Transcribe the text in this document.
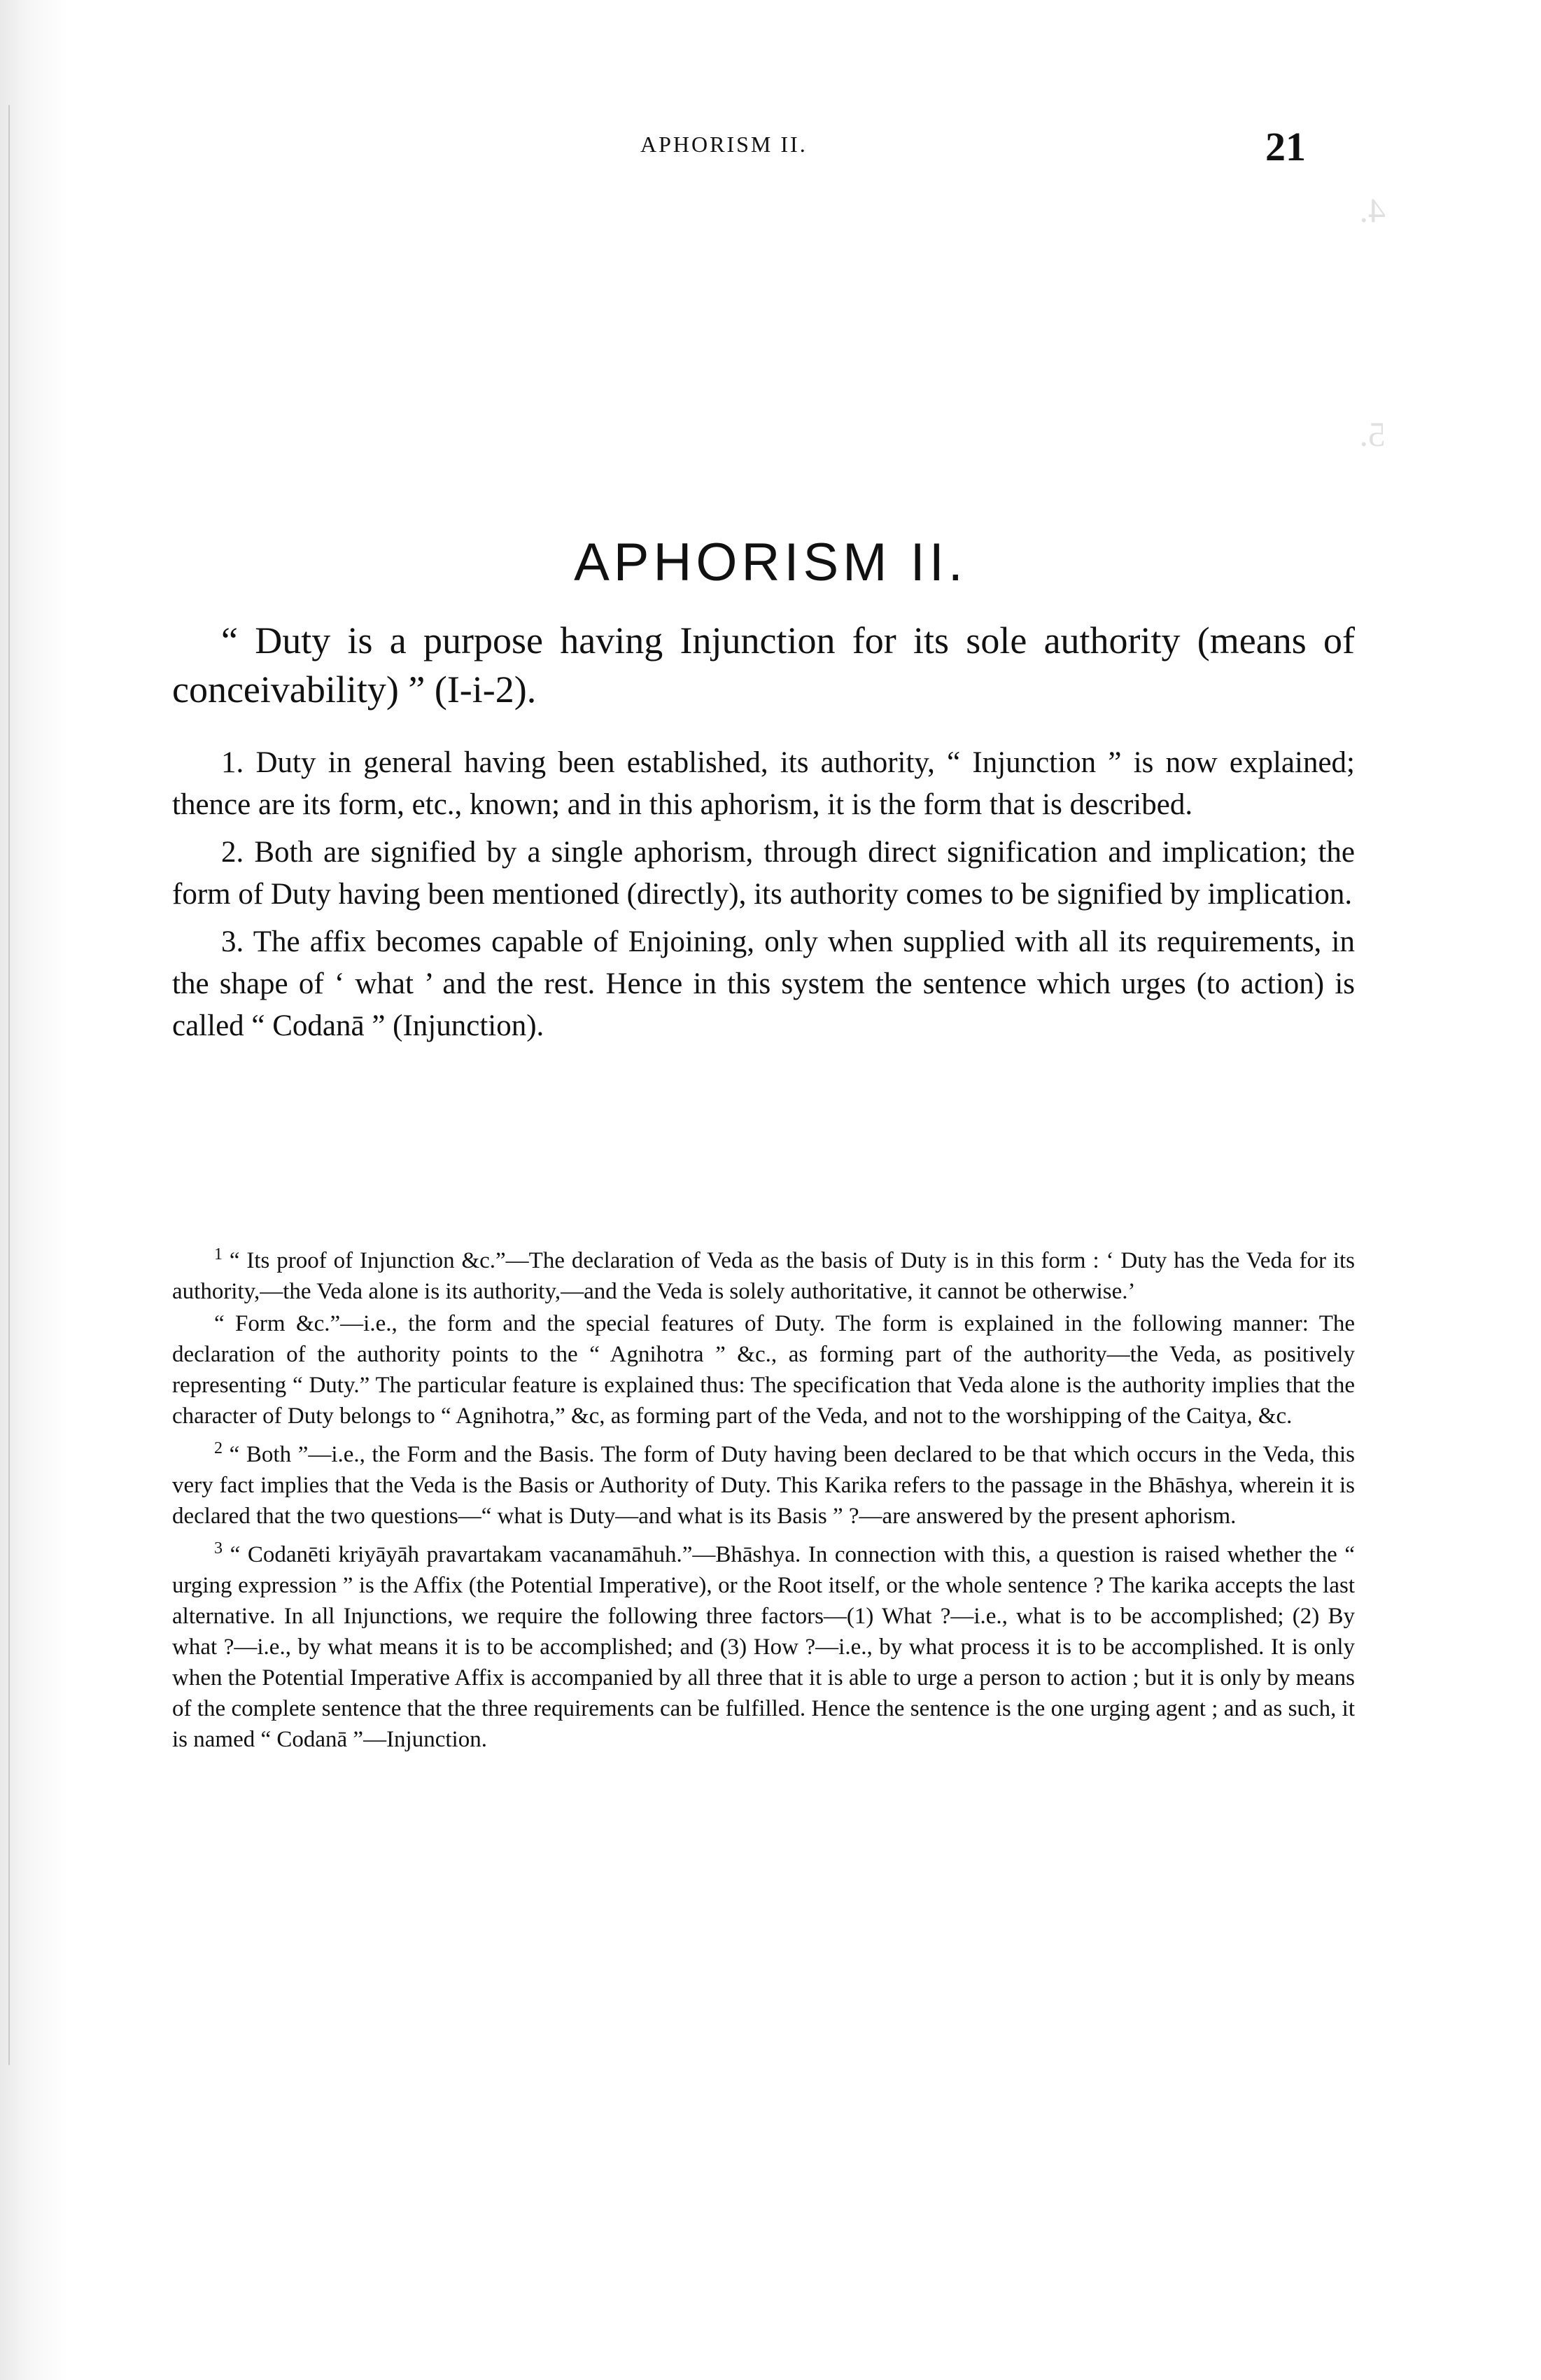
4.

5.
APHORISM II.	21
APHORISM II.
“ Duty is a purpose having Injunction for its sole authority (means of conceivability) ” (I-i-2).

1. Duty in general having been established, its authority, “ Injunction ” is now explained; thence are its form, etc., known; and in this aphorism, it is the form that is described.

2. Both are signified by a single aphorism, through direct signification and implication; the form of Duty having been mentioned (directly), its authority comes to be signified by implication.

3. The affix becomes capable of Enjoining, only when supplied with all its requirements, in the shape of ‘ what ’ and the rest. Hence in this system the sentence which urges (to action) is called “ Codanā ” (Injunction).

$^1$ “ Its proof of Injunction &c.”—The declaration of Veda as the basis of Duty is in this form : ‘ Duty has the Veda for its authority,—the Veda alone is its authority,—and the Veda is solely authoritative, it cannot be otherwise.’

“ Form &c.”—i.e., the form and the special features of Duty. The form is explained in the following manner: The declaration of the authority points to the “ Agnihotra ” &c., as forming part of the authority—the Veda, as positively representing “ Duty.” The particular feature is explained thus: The specification that Veda alone is the authority implies that the character of Duty belongs to “ Agnihotra,” &c, as forming part of the Veda, and not to the worshipping of the Caitya, &c.

$^2$ “ Both ”—i.e., the Form and the Basis. The form of Duty having been declared to be that which occurs in the Veda, this very fact implies that the Veda is the Basis or Authority of Duty. This Karika refers to the passage in the Bhāshya, wherein it is declared that the two questions—“ what is Duty—and what is its Basis ” ?—are answered by the present aphorism.

$^3$ “ Codanēti kriyāyāh pravartakam vacanamāhuh.”—Bhāshya. In connection with this, a question is raised whether the “ urging expression ” is the Affix (the Potential Imperative), or the Root itself, or the whole sentence ? The karika accepts the last alternative. In all Injunctions, we require the following three factors—(1) What ?—i.e., what is to be accomplished; (2) By what ?—i.e., by what means it is to be accomplished; and (3) How ?—i.e., by what process it is to be accomplished. It is only when the Potential Imperative Affix is accompanied by all three that it is able to urge a person to action ; but it is only by means of the complete sentence that the three requirements can be fulfilled. Hence the sentence is the one urging agent ; and as such, it is named “ Codanā ”—Injunction.
